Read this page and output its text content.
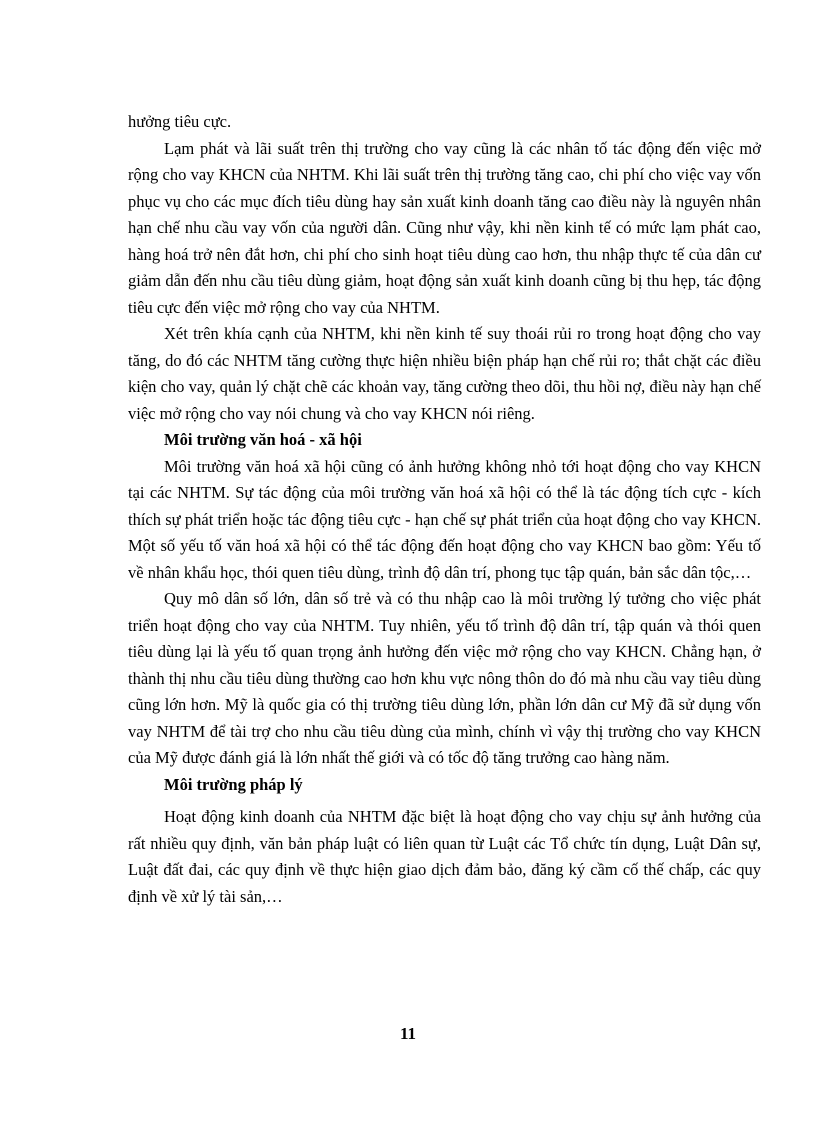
hưởng tiêu cực.

Lạm phát và lãi suất trên thị trường cho vay cũng là các nhân tố tác động đến việc mở rộng cho vay KHCN của NHTM. Khi lãi suất trên thị trường tăng cao, chi phí cho việc vay vốn phục vụ cho các mục đích tiêu dùng hay sản xuất kinh doanh tăng cao điều này là nguyên nhân hạn chế nhu cầu vay vốn của người dân. Cũng như vậy, khi nền kinh tế có mức lạm phát cao, hàng hoá trở nên đắt hơn, chi phí cho sinh hoạt tiêu dùng cao hơn, thu nhập thực tế của dân cư giảm dẫn đến nhu cầu tiêu dùng giảm, hoạt động sản xuất kinh doanh cũng bị thu hẹp, tác động tiêu cực đến việc mở rộng cho vay của NHTM.

Xét trên khía cạnh của NHTM, khi nền kinh tế suy thoái rủi ro trong hoạt động cho vay tăng, do đó các NHTM tăng cường thực hiện nhiều biện pháp hạn chế rủi ro; thắt chặt các điều kiện cho vay, quản lý chặt chẽ các khoản vay, tăng cường theo dõi, thu hồi nợ, điều này hạn chế việc mở rộng cho vay nói chung và cho vay KHCN nói riêng.

Môi trường văn hoá - xã hội

Môi trường văn hoá xã hội cũng có ảnh hưởng không nhỏ tới hoạt động cho vay KHCN tại các NHTM. Sự tác động của môi trường văn hoá xã hội có thể là tác động tích cực - kích thích sự phát triển hoặc tác động tiêu cực - hạn chế sự phát triển của hoạt động cho vay KHCN. Một số yếu tố văn hoá xã hội có thể tác động đến hoạt động cho vay KHCN bao gồm: Yếu tố về nhân khẩu học, thói quen tiêu dùng, trình độ dân trí, phong tục tập quán, bản sắc dân tộc,…

Quy mô dân số lớn, dân số trẻ và có thu nhập cao là môi trường lý tưởng cho việc phát triển hoạt động cho vay của NHTM. Tuy nhiên, yếu tố trình độ dân trí, tập quán và thói quen tiêu dùng lại là yếu tố quan trọng ảnh hưởng đến việc mở rộng cho vay KHCN. Chẳng hạn, ở thành thị nhu cầu tiêu dùng thường cao hơn khu vực nông thôn do đó mà nhu cầu vay tiêu dùng cũng lớn hơn. Mỹ là quốc gia có thị trường tiêu dùng lớn, phần lớn dân cư Mỹ đã sử dụng vốn vay NHTM để tài trợ cho nhu cầu tiêu dùng của mình, chính vì vậy thị trường cho vay KHCN của Mỹ được đánh giá là lớn nhất thế giới và có tốc độ tăng trưởng cao hàng năm.

Môi trường pháp lý

Hoạt động kinh doanh của NHTM đặc biệt là hoạt động cho vay chịu sự ảnh hưởng của rất nhiều quy định, văn bản pháp luật có liên quan từ Luật các Tổ chức tín dụng, Luật Dân sự, Luật đất đai, các quy định về thực hiện giao dịch đảm bảo, đăng ký cầm cố thế chấp, các quy định về xử lý tài sản,…

11
